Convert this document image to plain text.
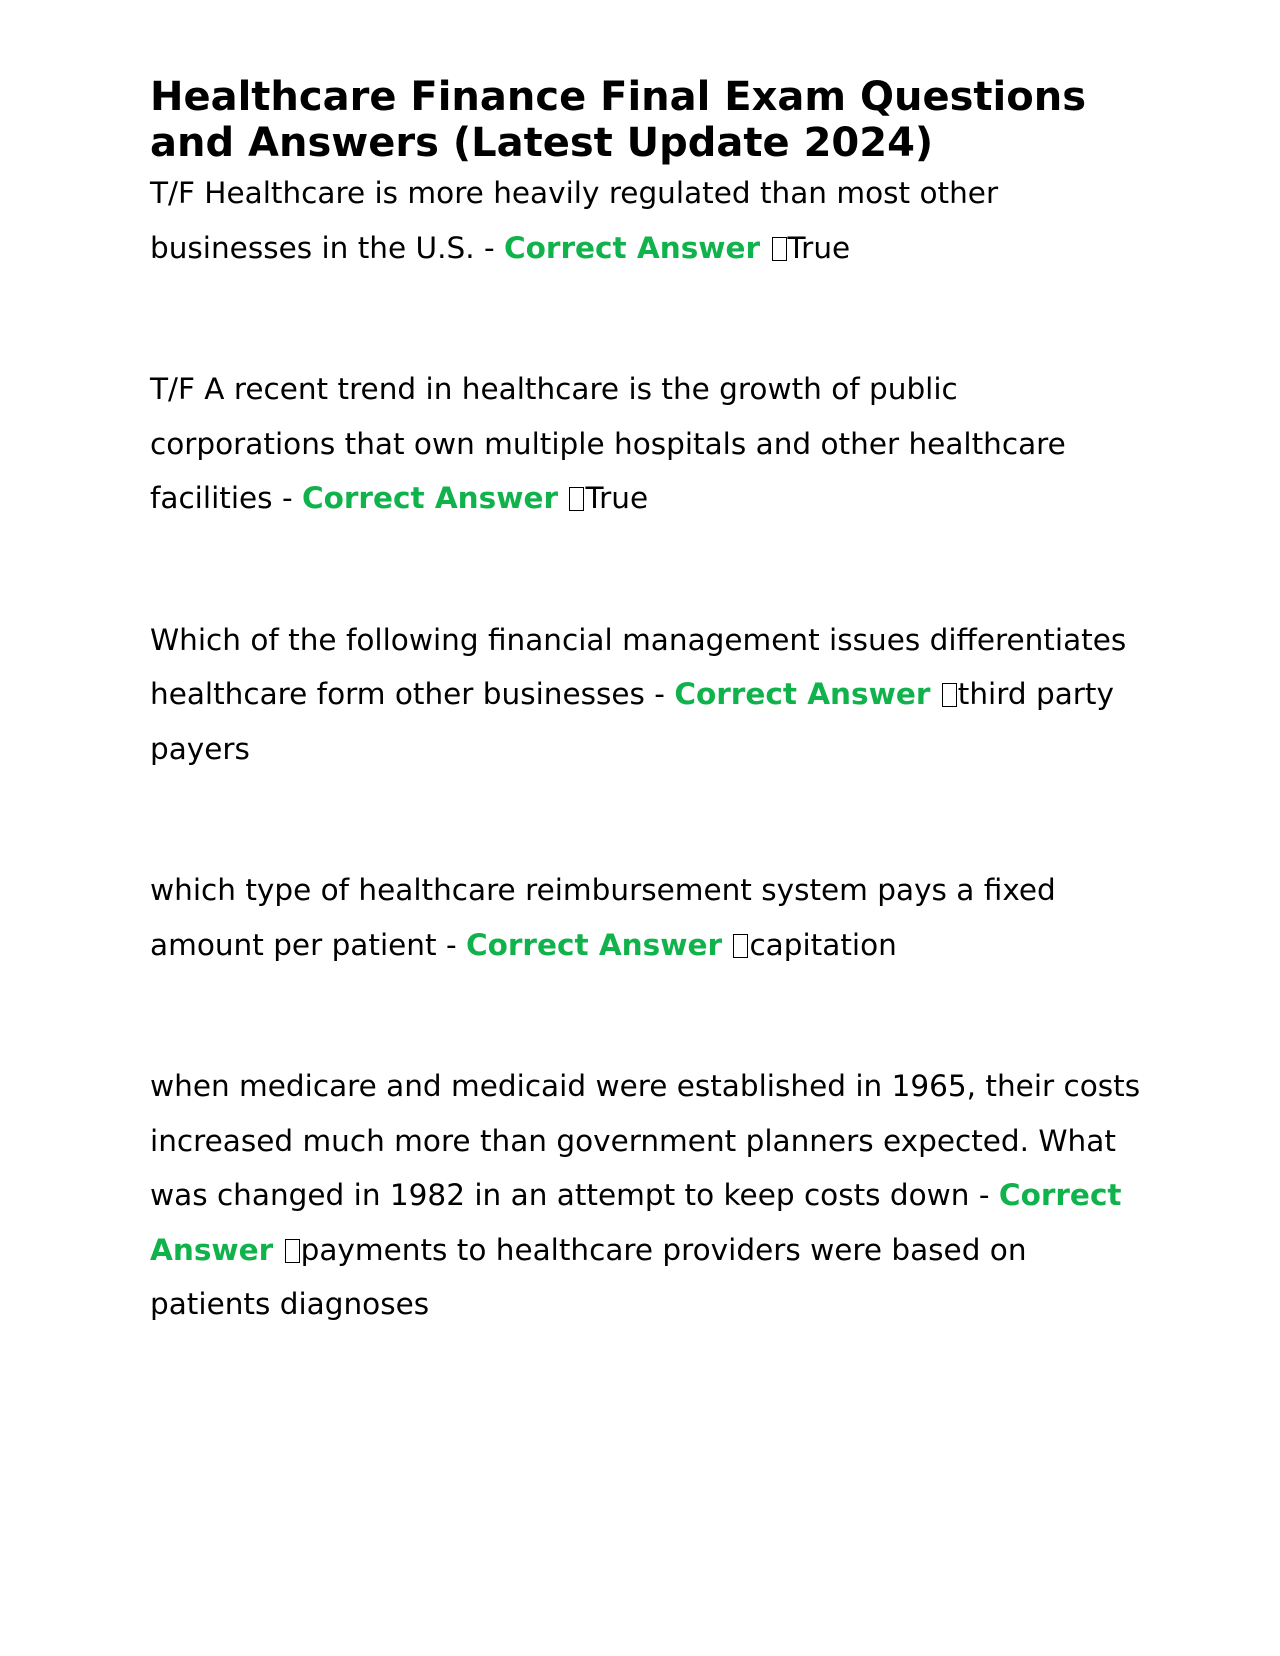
Healthcare Finance Final Exam Questions and Answers (Latest Update 2024)

T/F Healthcare is more heavily regulated than most other businesses in the U.S. - Correct Answer True

T/F A recent trend in healthcare is the growth of public corporations that own multiple hospitals and other healthcare facilities - Correct Answer True

Which of the following financial management issues differentiates healthcare form other businesses - Correct Answer third party payers

which type of healthcare reimbursement system pays a fixed amount per patient - Correct Answer capitation

when medicare and medicaid were established in 1965, their costs increased much more than government planners expected. What was changed in 1982 in an attempt to keep costs down - Correct Answer payments to healthcare providers were based on patients diagnoses
